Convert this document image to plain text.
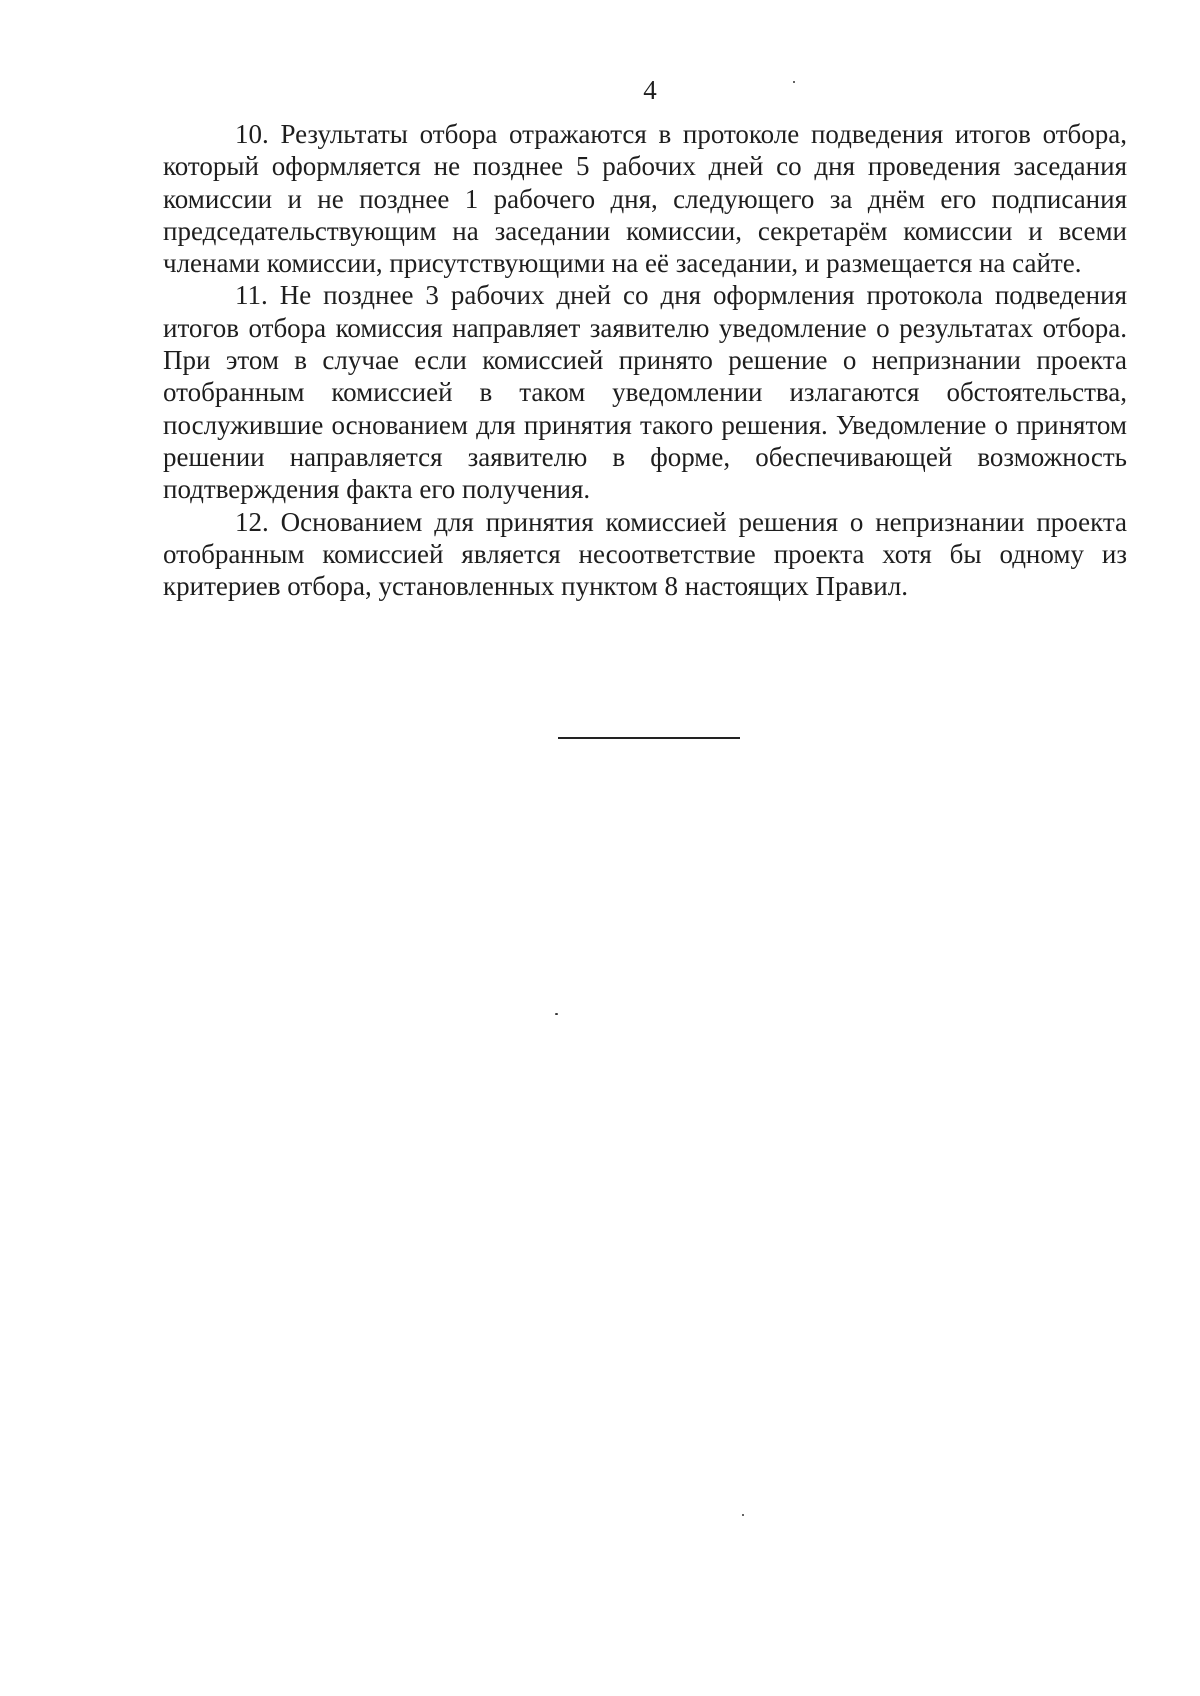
4

10. Результаты отбора отражаются в протоколе подведения итогов отбора, который оформляется не позднее 5 рабочих дней со дня проведения заседания комиссии и не позднее 1 рабочего дня, следующего за днём его подписания председательствующим на заседании комиссии, секретарём комиссии и всеми членами комиссии, присутствующими на её заседании, и размещается на сайте.

11. Не позднее 3 рабочих дней со дня оформления протокола подведения итогов отбора комиссия направляет заявителю уведомление о результатах отбора. При этом в случае если комиссией принято решение о непризнании проекта отобранным комиссией в таком уведомлении излагаются обстоятельства, послужившие основанием для принятия такого решения. Уведомление о принятом решении направляется заявителю в форме, обеспечивающей возможность подтверждения факта его получения.

12. Основанием для принятия комиссией решения о непризнании проекта отобранным комиссией является несоответствие проекта хотя бы одному из критериев отбора, установленных пунктом 8 настоящих Правил.
